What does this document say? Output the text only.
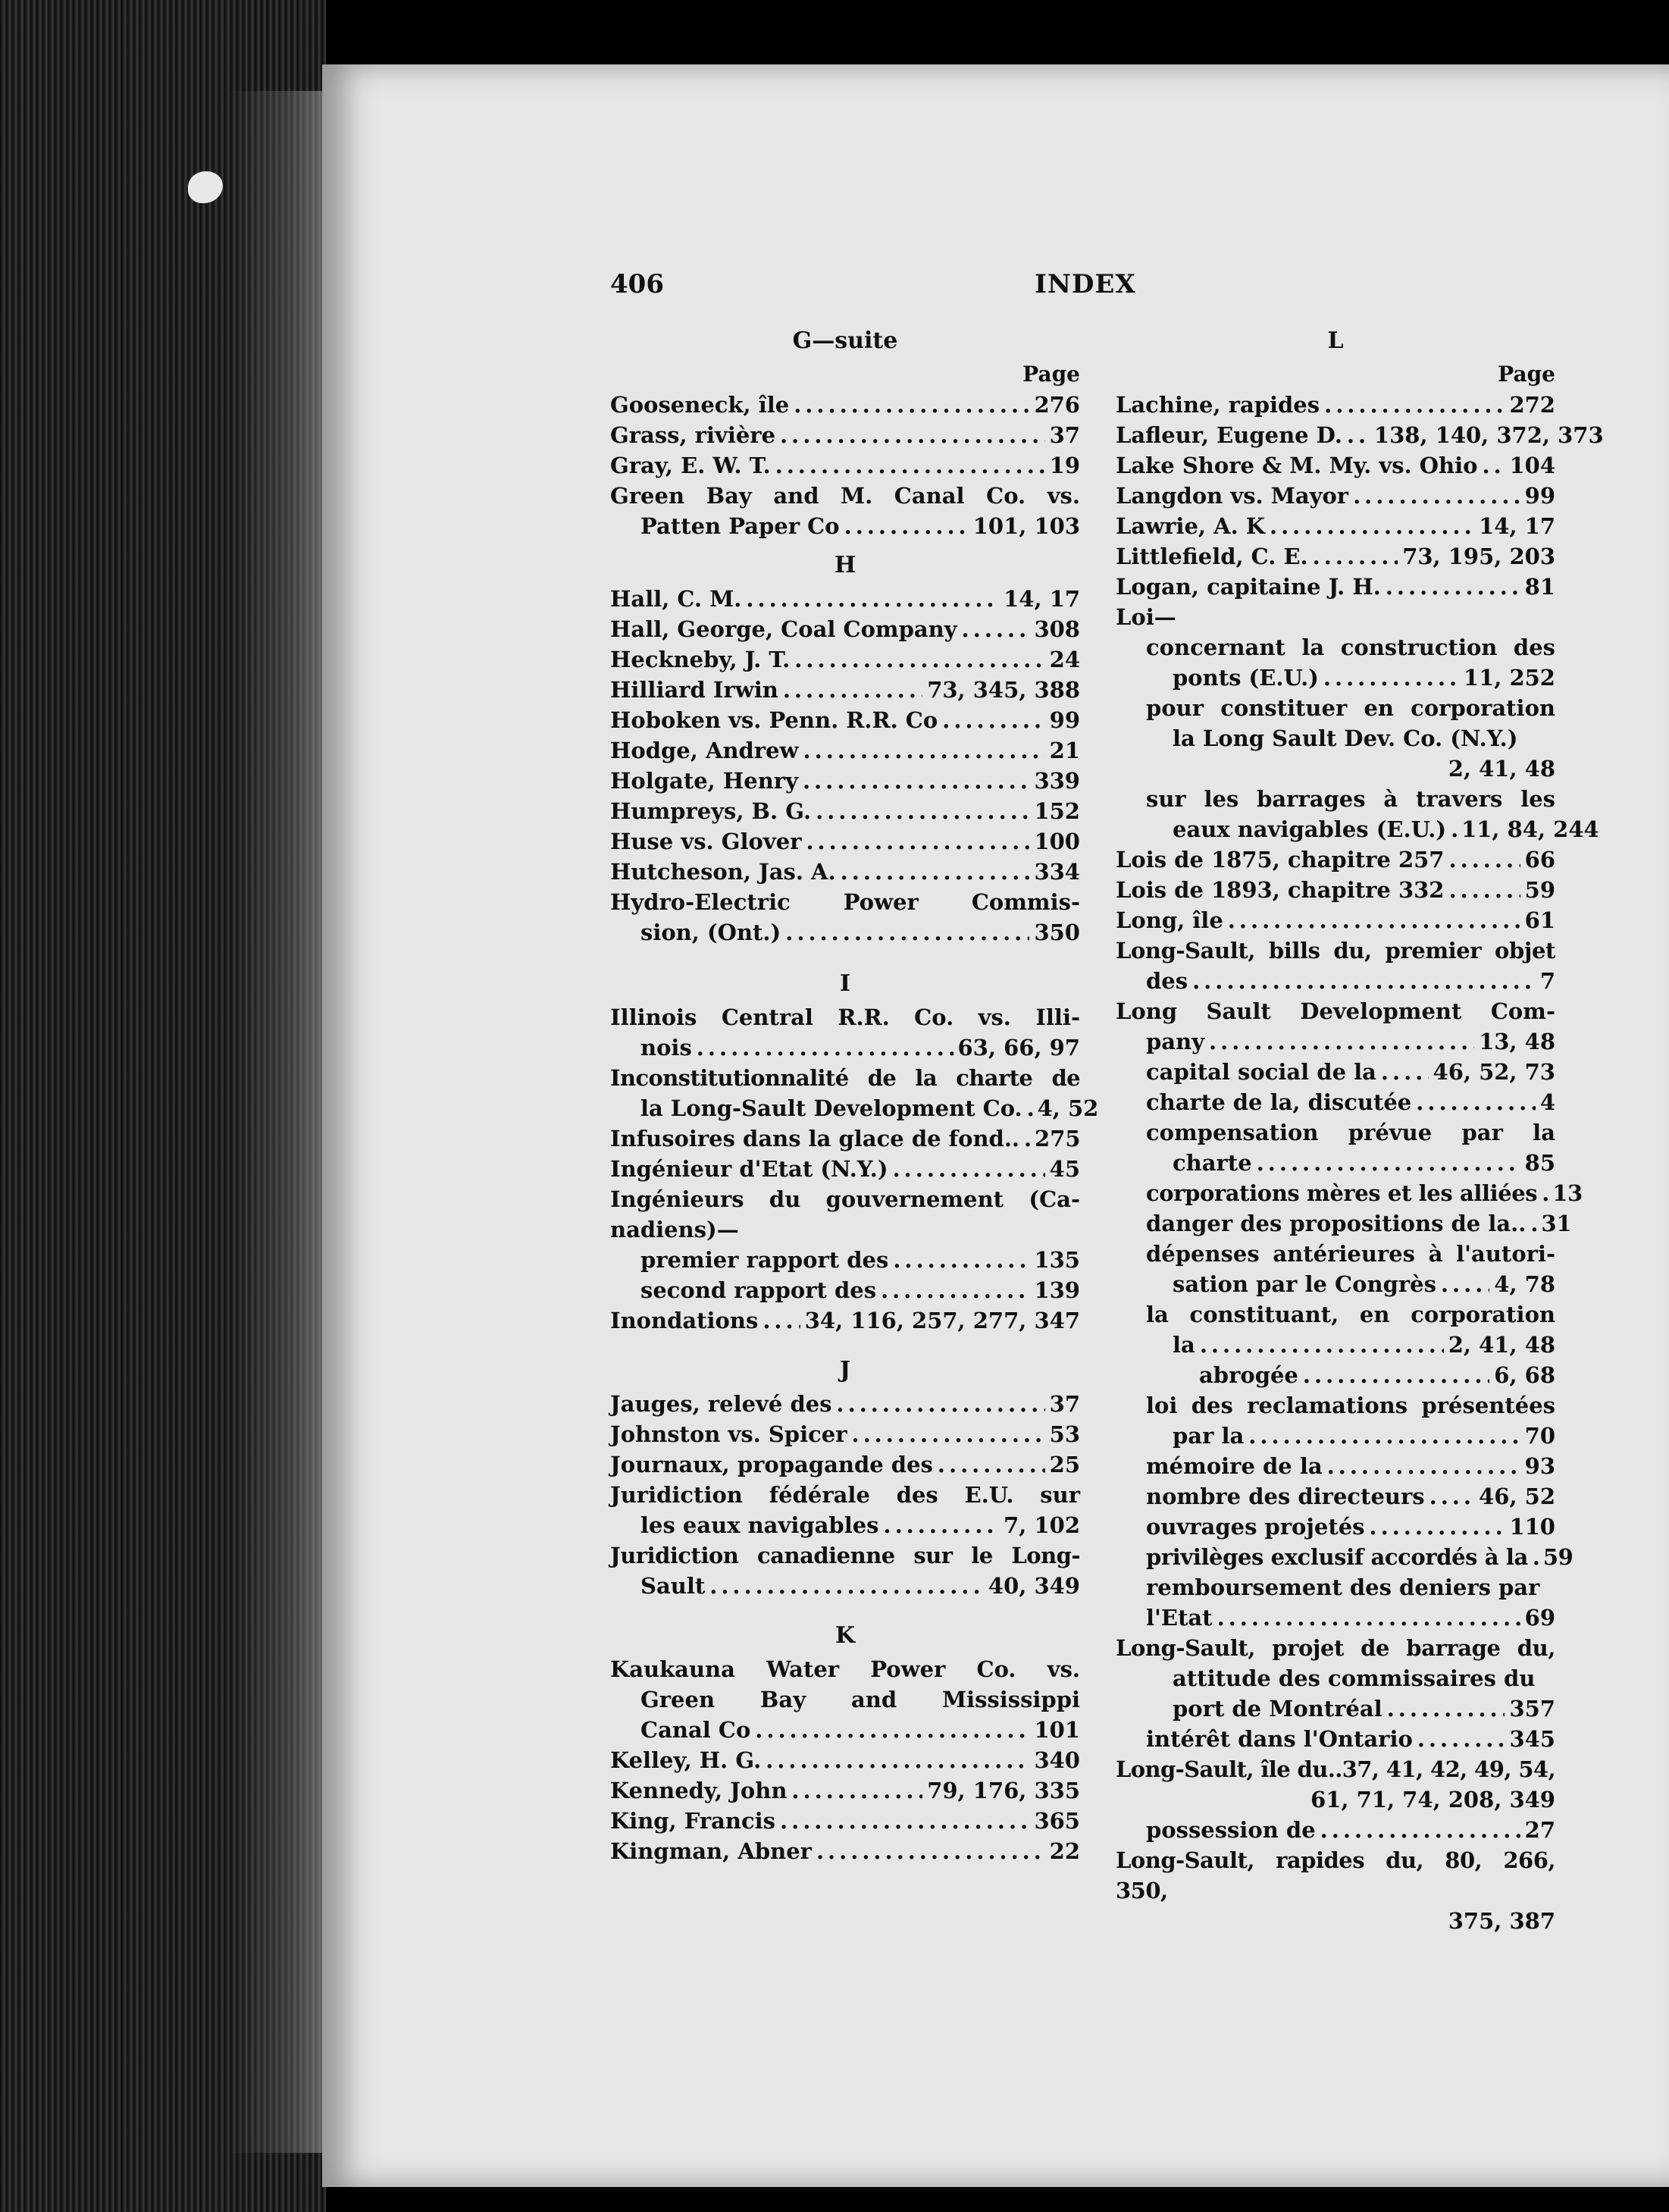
406	INDEX
G—suite
Page
Gooseneck, île .....	276
Grass, rivière .....	37
Gray, E. W. T. .....	19
Green Bay and M. Canal Co. vs.
Patten Paper Co .....	101, 103
H
Hall, C. M. .....	14, 17
Hall, George, Coal Company .....	308
Heckneby, J. T. .....	24
Hilliard Irwin .....	73, 345, 388
Hoboken vs. Penn. R.R. Co .....	99
Hodge, Andrew .....	21
Holgate, Henry .....	339
Humpreys, B. G. .....	152
Huse vs. Glover .....	100
Hutcheson, Jas. A. .....	334
Hydro-Electric Power Commis-
sion, (Ont.) .....	350
I
Illinois Central R.R. Co. vs. Illi-
nois .....	63, 66, 97
Inconstitutionnalité de la charte de
la Long-Sault Development Co. ..... 4, 52
Infusoires dans la glace de fond.. ..... 275
Ingénieur d'Etat (N.Y.) .....	45
Ingénieurs du gouvernement (Ca-
nadiens)—
premier rapport des .....	135
second rapport des .....	139
Inondations ..... 34, 116, 257, 277, 347
J
Jauges, relevé des .....	37
Johnston vs. Spicer .....	53
Journaux, propagande des .....	25
Juridiction fédérale des E.U. sur
les eaux navigables .....	7, 102
Juridiction canadienne sur le Long-
Sault .....	40, 349
K
Kaukauna Water Power Co. vs.
Green Bay and Mississippi
Canal Co .....	101
Kelley, H. G. .....	340
Kennedy, John .....	79, 176, 335
King, Francis .....	365
Kingman, Abner .....	22
L
Page
Lachine, rapides .....	272
Lafleur, Eugene D. ..... 138, 140, 372, 373
Lake Shore & M. My. vs. Ohio ..... 104
Langdon vs. Mayor .....	99
Lawrie, A. K .....	14, 17
Littlefield, C. E. .....	73, 195, 203
Logan, capitaine J. H. .....	81
Loi—
concernant la construction des
ponts (E.U.) .....	11, 252
pour constituer en corporation
la Long Sault Dev. Co. (N.Y.)
2, 41, 48
sur les barrages à travers les
eaux navigables (E.U.) ..... 11, 84, 244
Lois de 1875, chapitre 257 .....	66
Lois de 1893, chapitre 332 .....	59
Long, île .....	61
Long-Sault, bills du, premier objet
des .....	7
Long Sault Development Com-
pany .....	13, 48
capital social de la .....	46, 52, 73
charte de la, discutée .....	4
compensation prévue par la
charte .....	85
corporations mères et les alliées ..... 13
danger des propositions de la.. ..... 31
dépenses antérieures à l'autori-
sation par le Congrès .....	4, 78
la constituant, en corporation
la .....	2, 41, 48
abrogée .....	6, 68
loi des reclamations présentées
par la .....	70
mémoire de la .....	93
nombre des directeurs ..... 46, 52
ouvrages projetés .....	110
privilèges exclusif accordés à la ..... 59
remboursement des deniers par
l'Etat .....	69
Long-Sault, projet de barrage du,
attitude des commissaires du
port de Montréal .....	357
intérêt dans l'Ontario .....	345
Long-Sault, île du..37, 41, 42, 49, 54,
61, 71, 74, 208, 349
possession de .....	27
Long-Sault, rapides du, 80, 266, 350,
375, 387
